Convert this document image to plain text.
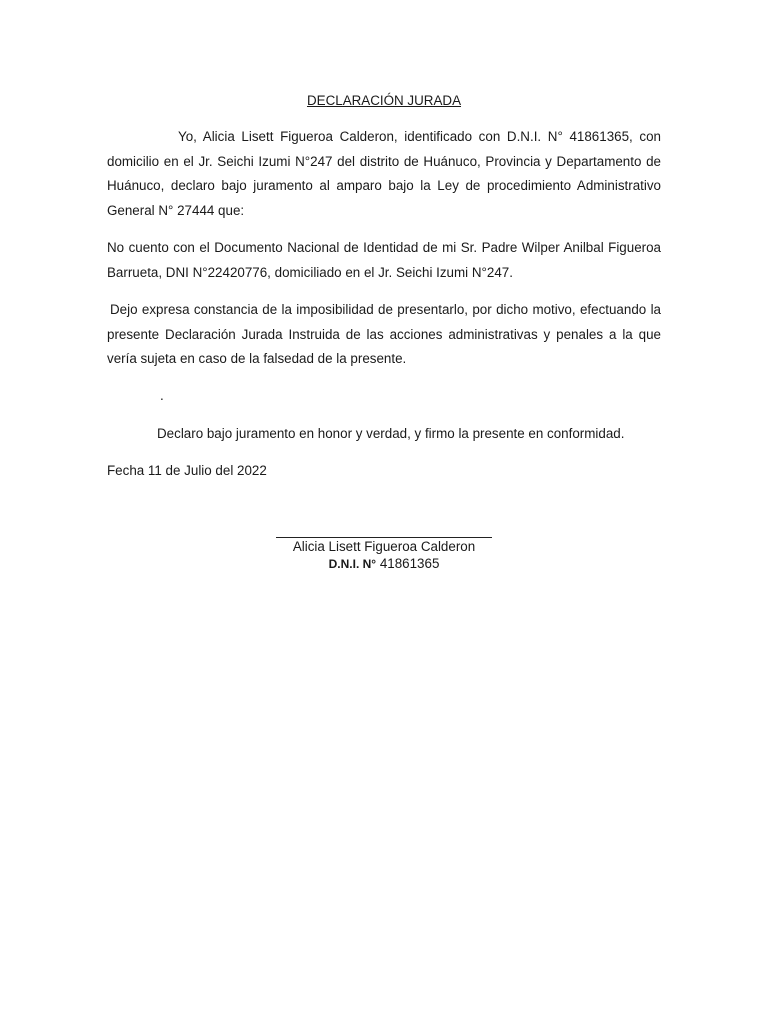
DECLARACIÓN JURADA

Yo, Alicia Lisett Figueroa Calderon, identificado con D.N.I. N° 41861365, con domicilio en el Jr. Seichi Izumi N°247 del distrito de Huánuco, Provincia y Departamento de Huánuco, declaro bajo juramento al amparo bajo la Ley de procedimiento Administrativo General N° 27444 que:

No cuento con el Documento Nacional de Identidad de mi Sr. Padre Wilper Anilbal Figueroa Barrueta, DNI N°22420776, domiciliado en el Jr. Seichi Izumi N°247.

Dejo expresa constancia de la imposibilidad de presentarlo, por dicho motivo, efectuando la presente Declaración Jurada Instruida de las acciones administrativas y penales a la que vería sujeta en caso de la falsedad de la presente.

.
Declaro bajo juramento en honor y verdad, y firmo la presente en conformidad.
Fecha 11 de Julio del 2022
Alicia Lisett Figueroa Calderon
D.N.I. N° 41861365
